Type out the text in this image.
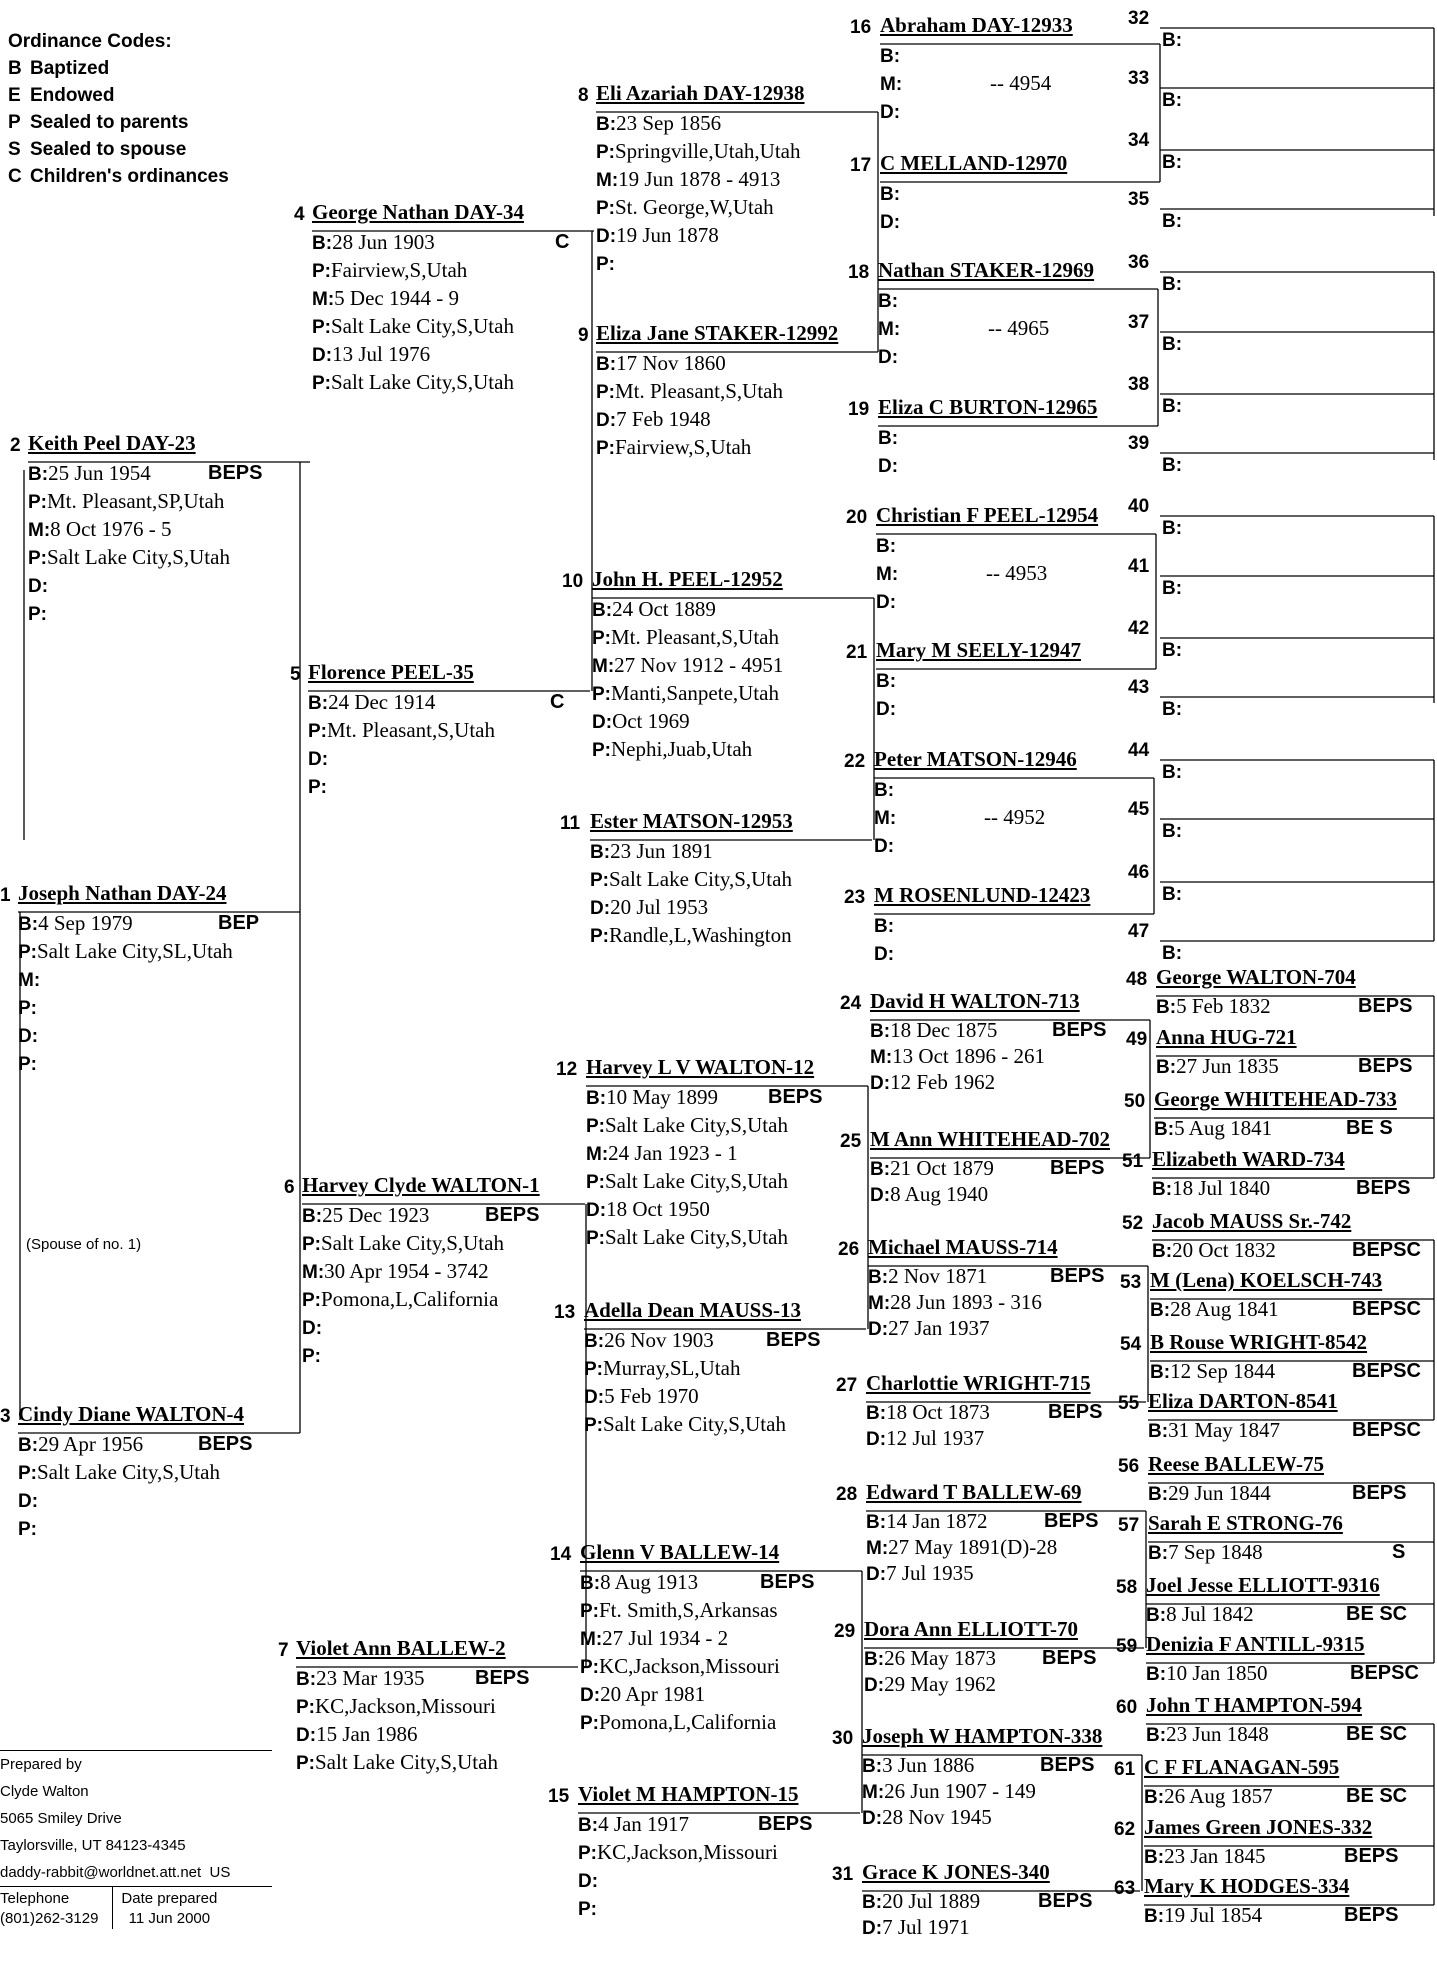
Ordinance Codes:
B Baptized
E Endowed
P Sealed to parents
S Sealed to spouse
C Children's ordinances
(Spouse of no. 1)
Prepared by
Clyde Walton
5065 Smiley Drive
Taylorsville, UT 84123-4345
daddy-rabbit@worldnet.att.net US
Telephone
(801)262-3129
Date prepared
11 Jun 2000
1 Joseph Nathan DAY-24
B:4 Sep 1979	BEP
P:Salt Lake City,SL,Utah
M:
P:
D:
P:
2 Keith Peel DAY-23
B:25 Jun 1954	BEPS
P:Mt. Pleasant,SP,Utah
M:8 Oct 1976 - 5
P:Salt Lake City,S,Utah
D:
P:
3 Cindy Diane WALTON-4
B:29 Apr 1956	BEPS
P:Salt Lake City,S,Utah
D:
P:
4 George Nathan DAY-34
B:28 Jun 1903	C
P:Fairview,S,Utah
M:5 Dec 1944 - 9
P:Salt Lake City,S,Utah
D:13 Jul 1976
P:Salt Lake City,S,Utah
5 Florence PEEL-35
B:24 Dec 1914	C
P:Mt. Pleasant,S,Utah
D:
P:
6 Harvey Clyde WALTON-1
B:25 Dec 1923	BEPS
P:Salt Lake City,S,Utah
M:30 Apr 1954 - 3742
P:Pomona,L,California
D:
P:
7 Violet Ann BALLEW-2
B:23 Mar 1935	BEPS
P:KC,Jackson,Missouri
D:15 Jan 1986
P:Salt Lake City,S,Utah
8 Eli Azariah DAY-12938
B:23 Sep 1856
P:Springville,Utah,Utah
M:19 Jun 1878 - 4913
P:St. George,W,Utah
D:19 Jun 1878
P:
9 Eliza Jane STAKER-12992
B:17 Nov 1860
P:Mt. Pleasant,S,Utah
D:7 Feb 1948
P:Fairview,S,Utah
10 John H. PEEL-12952
B:24 Oct 1889
P:Mt. Pleasant,S,Utah
M:27 Nov 1912 - 4951
P:Manti,Sanpete,Utah
D:Oct 1969
P:Nephi,Juab,Utah
11 Ester MATSON-12953
B:23 Jun 1891
P:Salt Lake City,S,Utah
D:20 Jul 1953
P:Randle,L,Washington
12 Harvey L V WALTON-12
B:10 May 1899 BEPS
P:Salt Lake City,S,Utah
M:24 Jan 1923 - 1
P:Salt Lake City,S,Utah
D:18 Oct 1950
P:Salt Lake City,S,Utah
13 Adella Dean MAUSS-13
B:26 Nov 1903	BEPS
P:Murray,SL,Utah
D:5 Feb 1970
P:Salt Lake City,S,Utah
14 Glenn V BALLEW-14
B:8 Aug 1913	BEPS
P:Ft. Smith,S,Arkansas
M:27 Jul 1934 - 2
P:KC,Jackson,Missouri
D:20 Apr 1981
P:Pomona,L,California
15 Violet M HAMPTON-15
B:4 Jan 1917	BEPS
P:KC,Jackson,Missouri
D:
P:
16 Abraham DAY-12933
B:
M:	-- 4954
D:
17 C MELLAND-12970
B:
D:
18 Nathan STAKER-12969
B:
M:	-- 4965
D:
19 Eliza C BURTON-12965
B:
D:
20 Christian F PEEL-12954
B:
M:	-- 4953
D:
21 Mary M SEELY-12947
B:
D:
22 Peter MATSON-12946
B:
M:	-- 4952
D:
23 M ROSENLUND-12423
B:
D:
24 David H WALTON-713
B:18 Dec 1875	BEPS
M:13 Oct 1896 - 261
D:12 Feb 1962
25 M Ann WHITEHEAD-702
B:21 Oct 1879	BEPS
D:8 Aug 1940
26 Michael MAUSS-714
B:2 Nov 1871	BEPS
M:28 Jun 1893 - 316
D:27 Jan 1937
27 Charlottie WRIGHT-715
B:18 Oct 1873	BEPS
D:12 Jul 1937
28 Edward T BALLEW-69
B:14 Jan 1872	BEPS
M:27 May 1891(D)-28
D:7 Jul 1935
29 Dora Ann ELLIOTT-70
B:26 May 1873 BEPS
D:29 May 1962
30 Joseph W HAMPTON-338
B:3 Jun 1886	BEPS
M:26 Jun 1907 - 149
D:28 Nov 1945
31 Grace K JONES-340
B:20 Jul 1889	BEPS
D:7 Jul 1971
48 George WALTON-704
B:5 Feb 1832	BEPS
49 Anna HUG-721
B:27 Jun 1835	BEPS
50 George WHITEHEAD-733
B:5 Aug 1841	BE S
51 Elizabeth WARD-734
B:18 Jul 1840	BEPS
52 Jacob MAUSS Sr.-742
B:20 Oct 1832	BEPSC
53 M (Lena) KOELSCH-743
B:28 Aug 1841	BEPSC
54 B Rouse WRIGHT-8542
B:12 Sep 1844	BEPSC
55 Eliza DARTON-8541
B:31 May 1847	BEPSC
56 Reese BALLEW-75
B:29 Jun 1844	BEPS
57 Sarah E STRONG-76
B:7 Sep 1848	S
58 Joel Jesse ELLIOTT-9316
B:8 Jul 1842	BE SC
59 Denizia F ANTILL-9315
B:10 Jan 1850	BEPSC
60 John T HAMPTON-594
B:23 Jun 1848	BE SC
61 C F FLANAGAN-595
B:26 Aug 1857	BE SC
62 James Green JONES-332
B:23 Jan 1845	BEPS
63 Mary K HODGES-334
B:19 Jul 1854	BEPS
32
B:
33
B:
34
B:
35
B:
36
B:
37
B:
38
B:
39
B:
40
B:
41
B:
42
B:
43
B:
44
B:
45
B:
46
B:
47
B:
